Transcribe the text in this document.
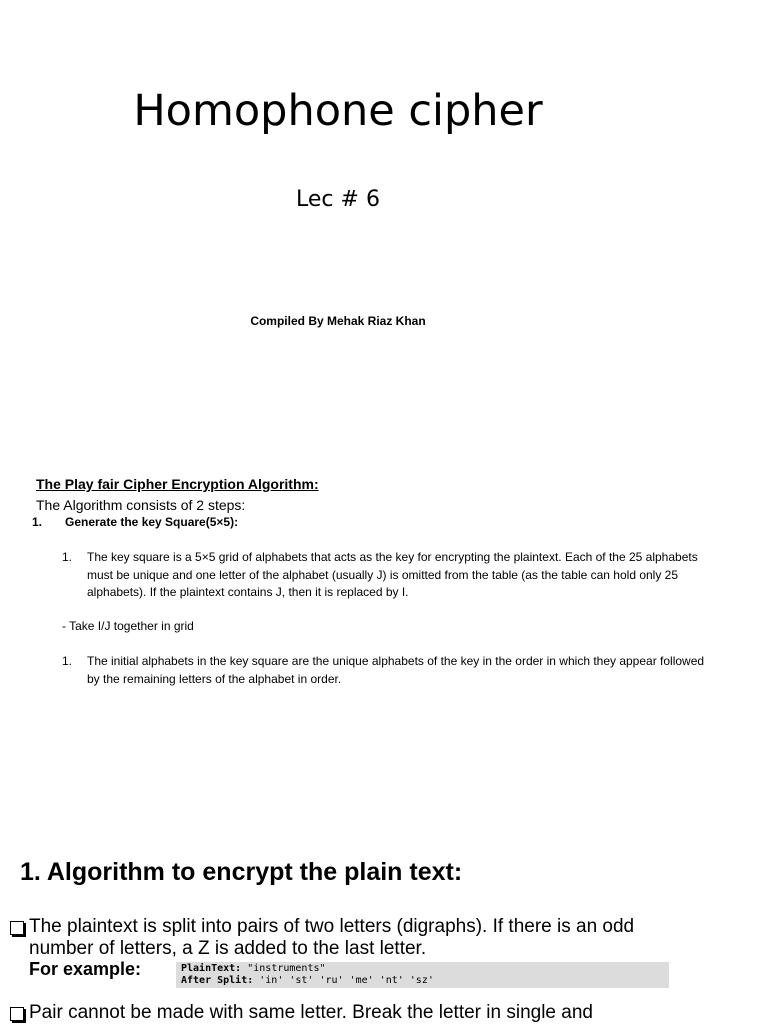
Homophone cipher
Lec # 6
Compiled By Mehak Riaz Khan
The Play fair Cipher Encryption Algorithm:
The Algorithm consists of 2 steps:
1. Generate the key Square(5×5):
1.	The key square is a 5×5 grid of alphabets that acts as the key for encrypting the plaintext. Each of the 25 alphabets must be unique and one letter of the alphabet (usually J) is omitted from the table (as the table can hold only 25 alphabets). If the plaintext contains J, then it is replaced by I.
- Take I/J together in grid
1.	The initial alphabets in the key square are the unique alphabets of the key in the order in which they appear followed by the remaining letters of the alphabet in order.
1. Algorithm to encrypt the plain text:
The plaintext is split into pairs of two letters (digraphs). If there is an odd number of letters, a Z is added to the last letter.
For example:	PlainText: "instruments"
After Split: 'in' 'st' 'ru' 'me' 'nt' 'sz'
Pair cannot be made with same letter. Break the letter in single and
